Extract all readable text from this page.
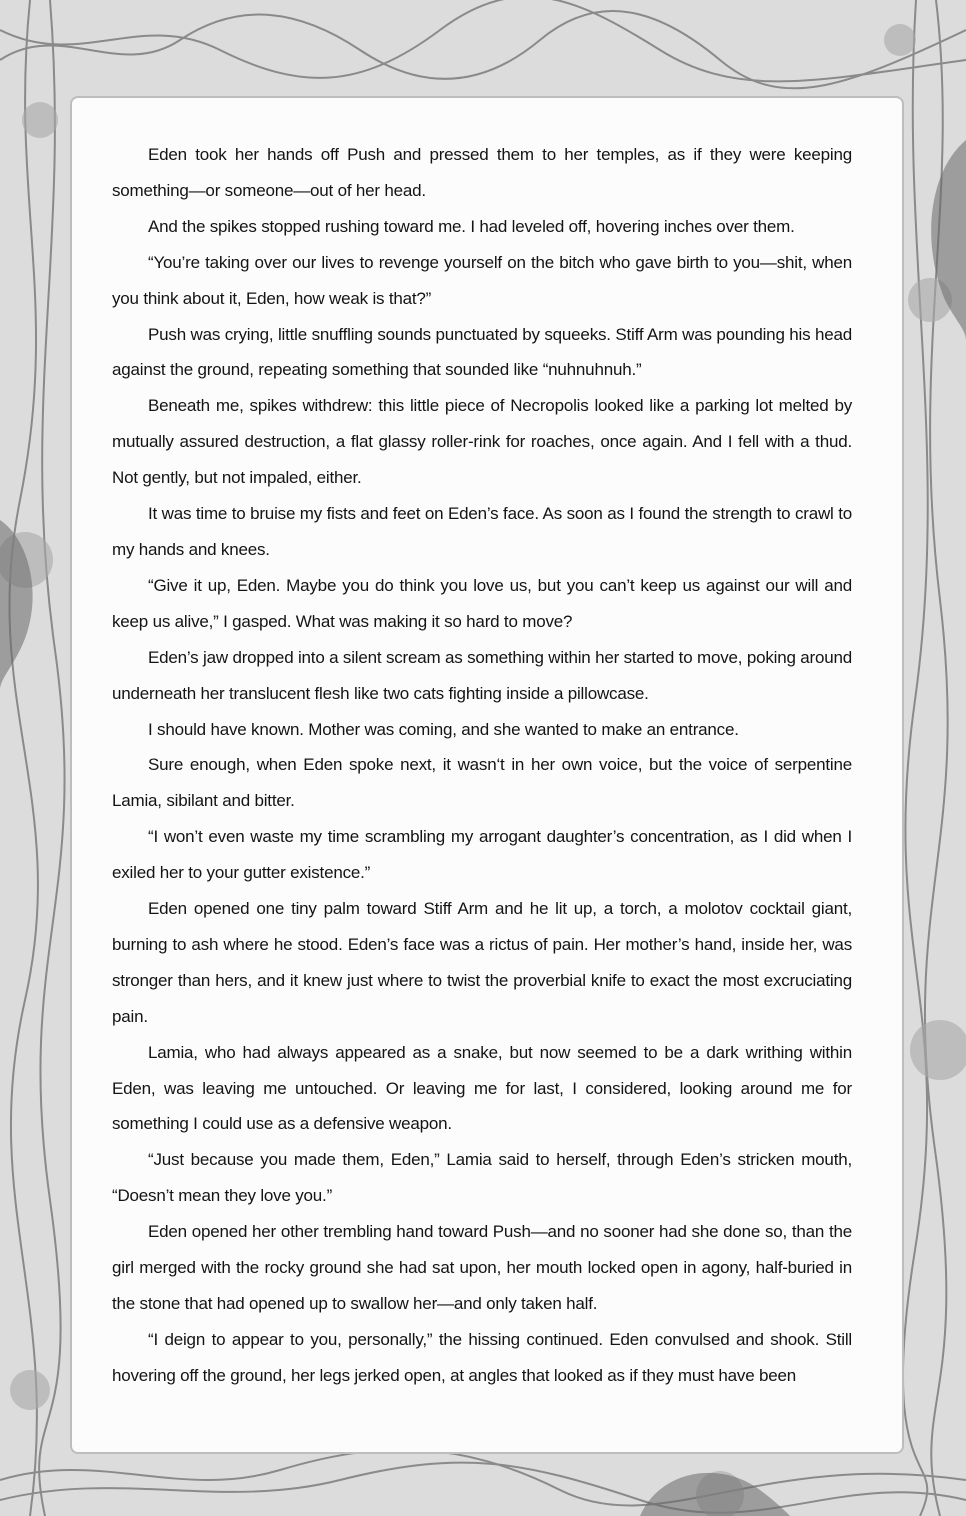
Eden took her hands off Push and pressed them to her temples, as if they were keeping something—or someone—out of her head.

And the spikes stopped rushing toward me. I had leveled off, hovering inches over them.

“You’re taking over our lives to revenge yourself on the bitch who gave birth to you—shit, when you think about it, Eden, how weak is that?”

Push was crying, little snuffling sounds punctuated by squeeks. Stiff Arm was pounding his head against the ground, repeating something that sounded like “nuhnuhnuh.”

Beneath me, spikes withdrew: this little piece of Necropolis looked like a parking lot melted by mutually assured destruction, a flat glassy roller-rink for roaches, once again. And I fell with a thud. Not gently, but not impaled, either.

It was time to bruise my fists and feet on Eden’s face. As soon as I found the strength to crawl to my hands and knees.

“Give it up, Eden. Maybe you do think you love us, but you can’t keep us against our will and keep us alive,” I gasped. What was making it so hard to move?

Eden’s jaw dropped into a silent scream as something within her started to move, poking around underneath her translucent flesh like two cats fighting inside a pillowcase.

I should have known. Mother was coming, and she wanted to make an entrance.

Sure enough, when Eden spoke next, it wasn‘t in her own voice, but the voice of serpentine Lamia, sibilant and bitter.

“I won’t even waste my time scrambling my arrogant daughter’s concentration, as I did when I exiled her to your gutter existence.”

Eden opened one tiny palm toward Stiff Arm and he lit up, a torch, a molotov cocktail giant, burning to ash where he stood. Eden’s face was a rictus of pain. Her mother’s hand, inside her, was stronger than hers, and it knew just where to twist the proverbial knife to exact the most excruciating pain.

Lamia, who had always appeared as a snake, but now seemed to be a dark writhing within Eden, was leaving me untouched. Or leaving me for last, I considered, looking around me for something I could use as a defensive weapon.

“Just because you made them, Eden,” Lamia said to herself, through Eden’s stricken mouth, “Doesn’t mean they love you.”

Eden opened her other trembling hand toward Push—and no sooner had she done so, than the girl merged with the rocky ground she had sat upon, her mouth locked open in agony, half-buried in the stone that had opened up to swallow her—and only taken half.

“I deign to appear to you, personally,” the hissing continued. Eden convulsed and shook. Still hovering off the ground, her legs jerked open, at angles that looked as if they must have been
